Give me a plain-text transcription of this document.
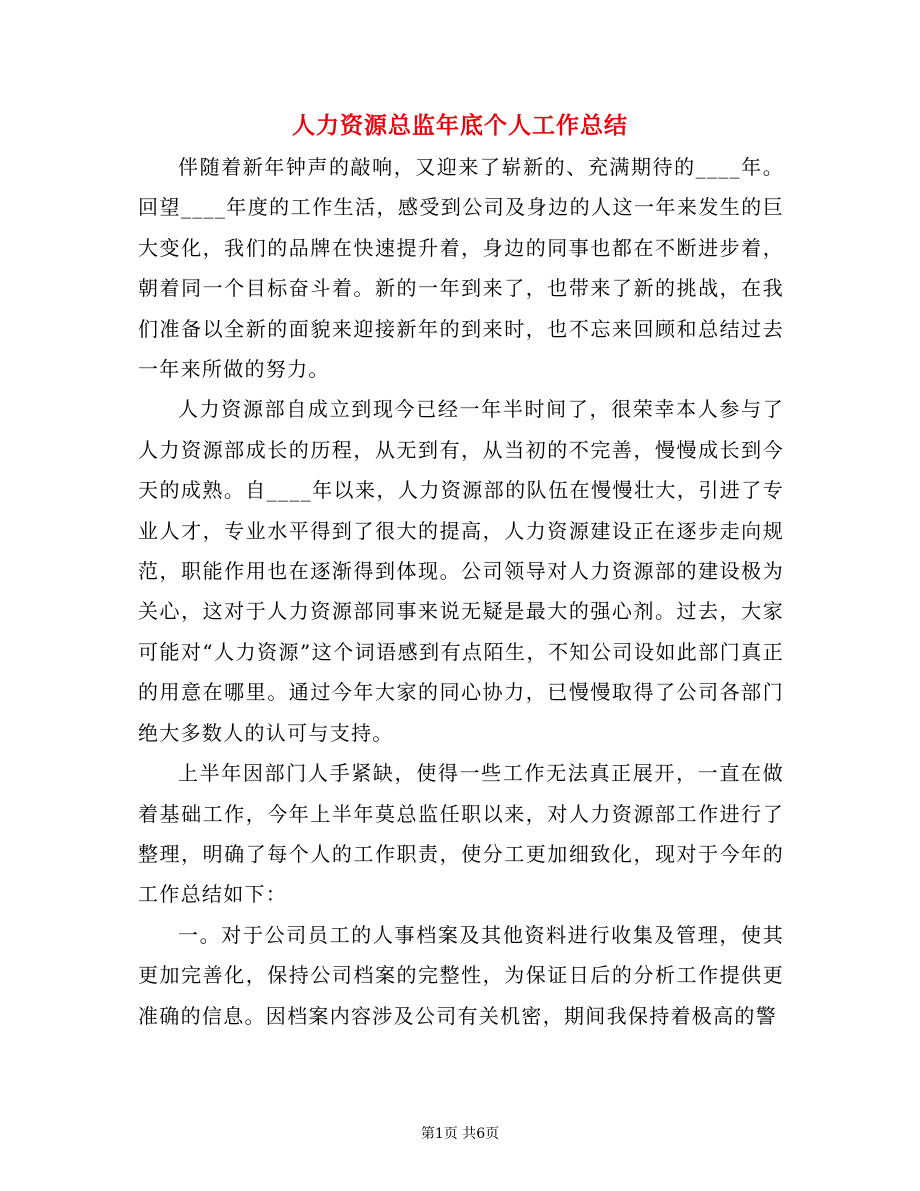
人力资源总监年底个人工作总结

伴随着新年钟声的敲响，又迎来了崭新的、充满期待的____年。回望____年度的工作生活，感受到公司及身边的人这一年来发生的巨大变化，我们的品牌在快速提升着，身边的同事也都在不断进步着，朝着同一个目标奋斗着。新的一年到来了，也带来了新的挑战，在我们准备以全新的面貌来迎接新年的到来时，也不忘来回顾和总结过去一年来所做的努力。

人力资源部自成立到现今已经一年半时间了，很荣幸本人参与了人力资源部成长的历程，从无到有，从当初的不完善，慢慢成长到今天的成熟。自____年以来，人力资源部的队伍在慢慢壮大，引进了专业人才，专业水平得到了很大的提高，人力资源建设正在逐步走向规范，职能作用也在逐渐得到体现。公司领导对人力资源部的建设极为关心，这对于人力资源部同事来说无疑是最大的强心剂。过去，大家可能对“人力资源”这个词语感到有点陌生，不知公司设如此部门真正的用意在哪里。通过今年大家的同心协力，已慢慢取得了公司各部门绝大多数人的认可与支持。

上半年因部门人手紧缺，使得一些工作无法真正展开，一直在做着基础工作，今年上半年莫总监任职以来，对人力资源部工作进行了整理，明确了每个人的工作职责，使分工更加细致化，现对于今年的工作总结如下：

一。对于公司员工的人事档案及其他资料进行收集及管理，使其更加完善化，保持公司档案的完整性，为保证日后的分析工作提供更准确的信息。因档案内容涉及公司有关机密，期间我保持着极高的警

第1页 共6页
